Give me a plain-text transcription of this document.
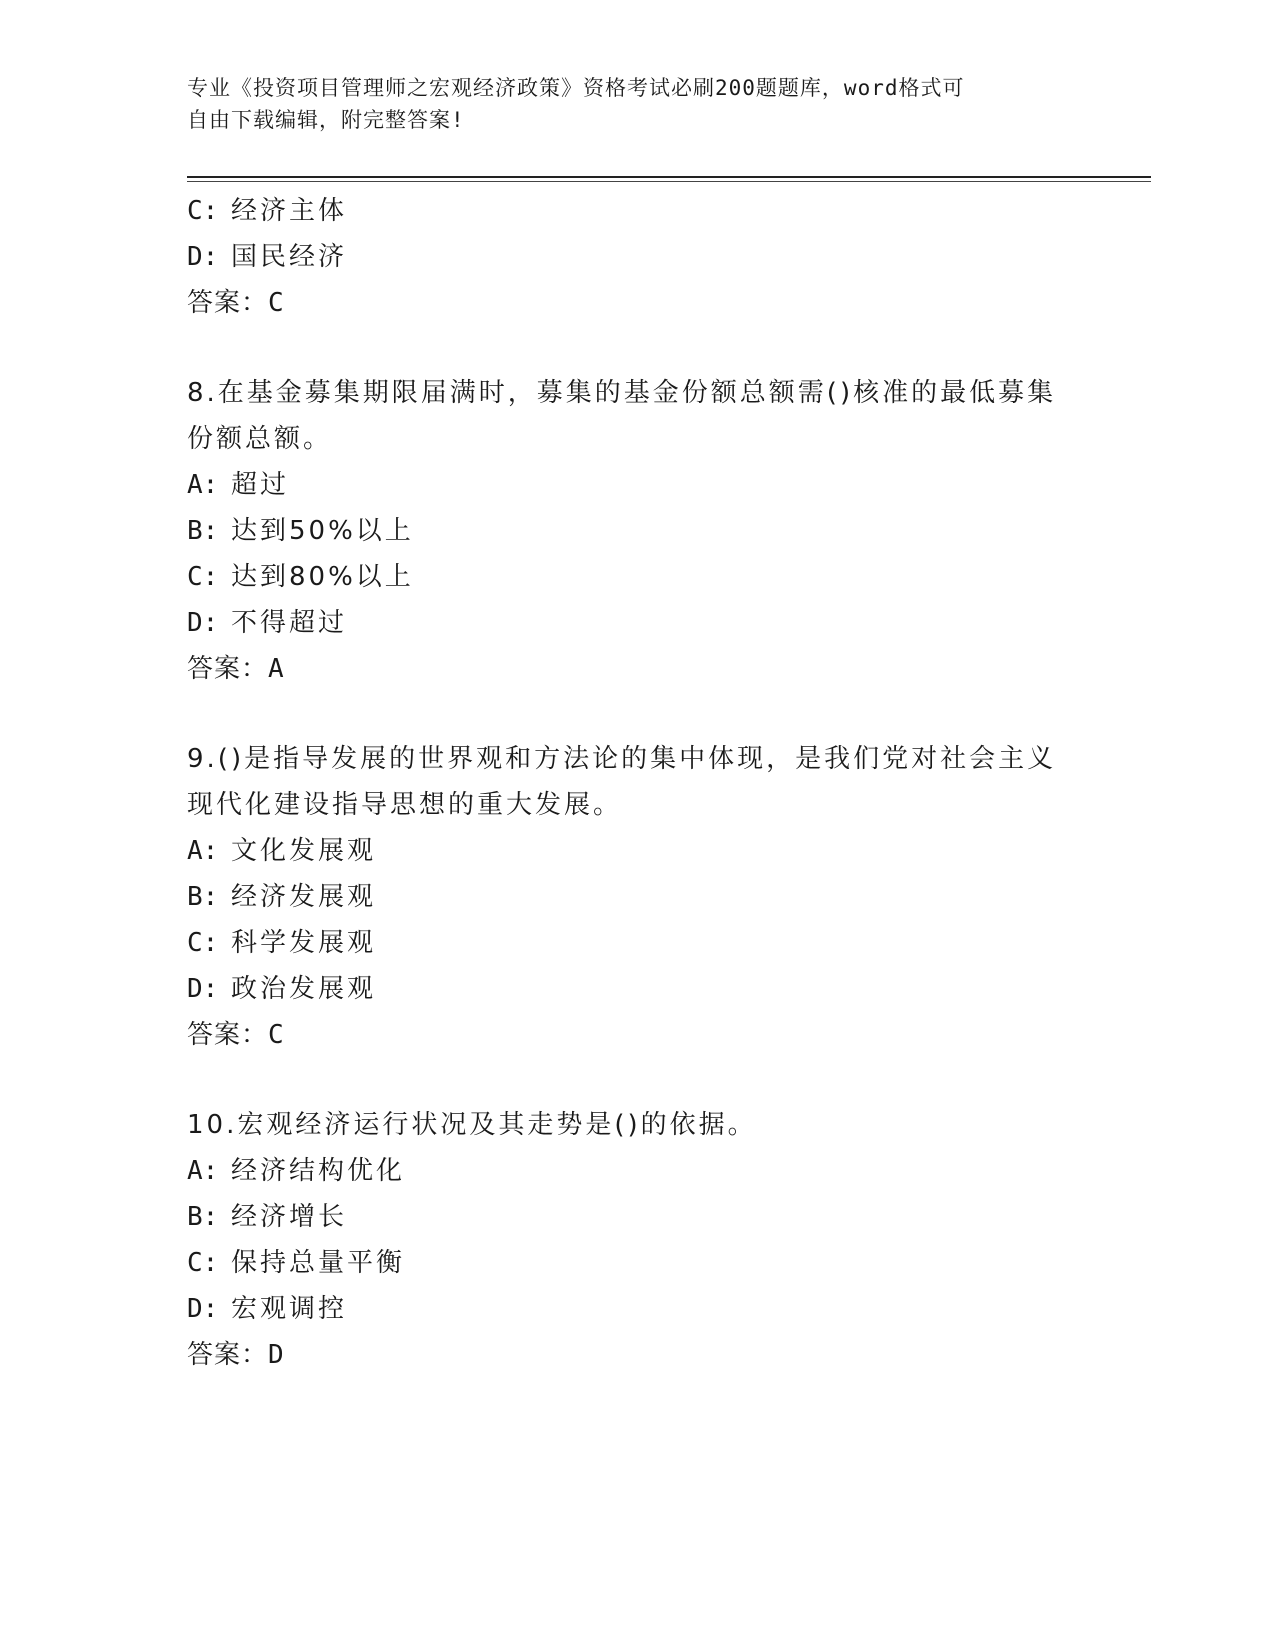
专业《投资项目管理师之宏观经济政策》资格考试必刷200题题库，word格式可
自由下载编辑，附完整答案!
C: 经济主体
D: 国民经济
答案：C
8.在基金募集期限届满时，募集的基金份额总额需()核准的最低募集
份额总额。
A: 超过
B: 达到50%以上
C: 达到80%以上
D: 不得超过
答案：A
9.()是指导发展的世界观和方法论的集中体现，是我们党对社会主义
现代化建设指导思想的重大发展。
A: 文化发展观
B: 经济发展观
C: 科学发展观
D: 政治发展观
答案：C
10.宏观经济运行状况及其走势是()的依据。
A: 经济结构优化
B: 经济增长
C: 保持总量平衡
D: 宏观调控
答案：D
